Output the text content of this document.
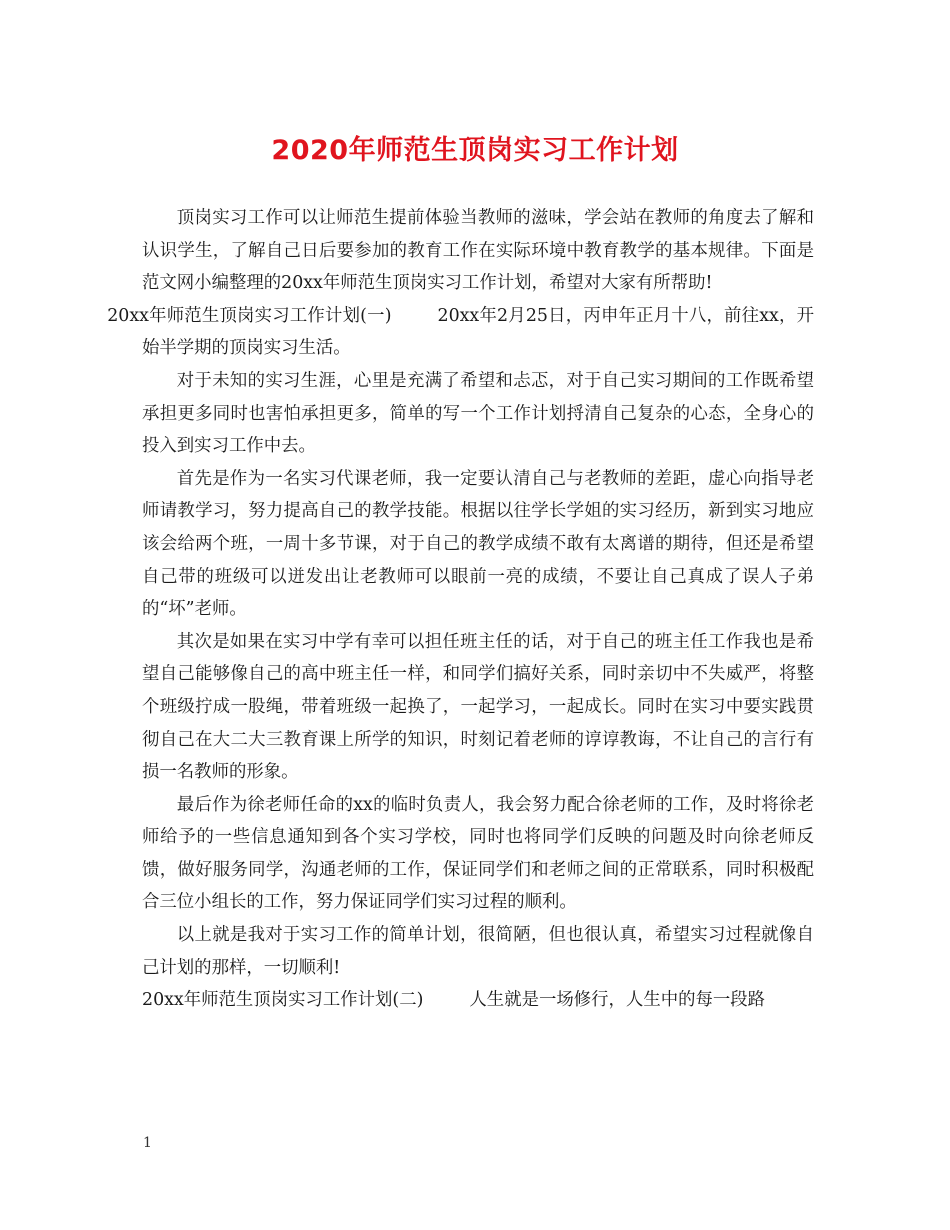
2020年师范生顶岗实习工作计划

顶岗实习工作可以让师范生提前体验当教师的滋味，学会站在教师的角度去了解和认识学生，了解自己日后要参加的教育工作在实际环境中教育教学的基本规律。下面是范文网小编整理的20xx年师范生顶岗实习工作计划，希望对大家有所帮助!
20xx年师范生顶岗实习工作计划(一)	20xx年2月25日，丙申年正月十八，前往xx，开始半学期的顶岗实习生活。

对于未知的实习生涯，心里是充满了希望和忐忑，对于自己实习期间的工作既希望承担更多同时也害怕承担更多，简单的写一个工作计划捋清自己复杂的心态，全身心的投入到实习工作中去。

首先是作为一名实习代课老师，我一定要认清自己与老教师的差距，虚心向指导老师请教学习，努力提高自己的教学技能。根据以往学长学姐的实习经历，新到实习地应该会给两个班，一周十多节课，对于自己的教学成绩不敢有太离谱的期待，但还是希望自己带的班级可以迸发出让老教师可以眼前一亮的成绩，不要让自己真成了误人子弟的“坏”老师。

其次是如果在实习中学有幸可以担任班主任的话，对于自己的班主任工作我也是希望自己能够像自己的高中班主任一样，和同学们搞好关系，同时亲切中不失威严，将整个班级拧成一股绳，带着班级一起换了，一起学习，一起成长。同时在实习中要实践贯彻自己在大二大三教育课上所学的知识，时刻记着老师的谆谆教诲，不让自己的言行有损一名教师的形象。

最后作为徐老师任命的xx的临时负责人，我会努力配合徐老师的工作，及时将徐老师给予的一些信息通知到各个实习学校，同时也将同学们反映的问题及时向徐老师反馈，做好服务同学，沟通老师的工作，保证同学们和老师之间的正常联系，同时积极配合三位小组长的工作，努力保证同学们实习过程的顺利。

以上就是我对于实习工作的简单计划，很简陋，但也很认真，希望实习过程就像自己计划的那样，一切顺利!

20xx年师范生顶岗实习工作计划(二)	人生就是一场修行，人生中的每一段路

1
